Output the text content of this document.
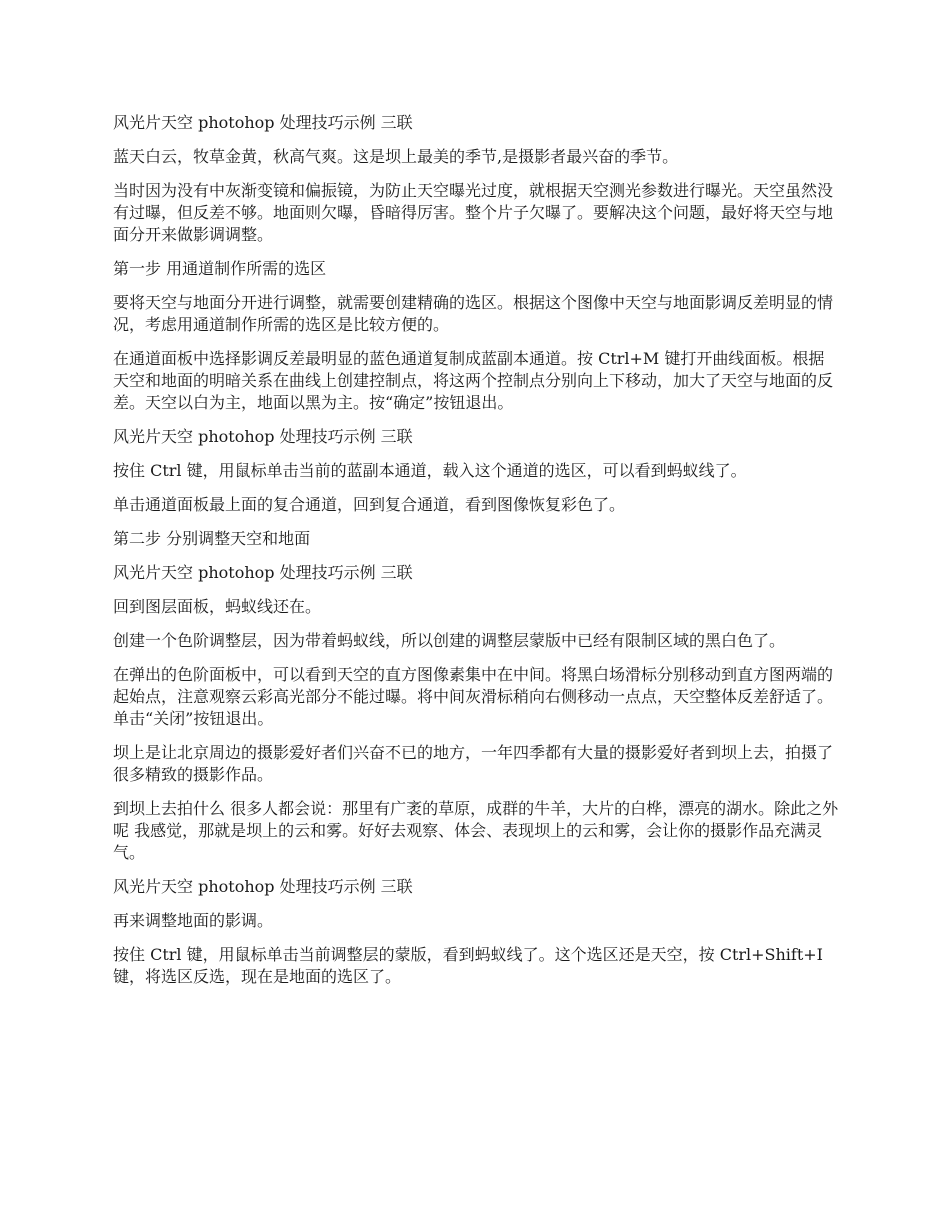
风光片天空 photohop 处理技巧示例 三联

蓝天白云，牧草金黄，秋高气爽。这是坝上最美的季节,是摄影者最兴奋的季节。

当时因为没有中灰渐变镜和偏振镜，为防止天空曝光过度，就根据天空测光参数进行曝光。天空虽然没有过曝，但反差不够。地面则欠曝，昏暗得厉害。整个片子欠曝了。要解决这个问题，最好将天空与地面分开来做影调调整。

第一步 用通道制作所需的选区

要将天空与地面分开进行调整，就需要创建精确的选区。根据这个图像中天空与地面影调反差明显的情况，考虑用通道制作所需的选区是比较方便的。

在通道面板中选择影调反差最明显的蓝色通道复制成蓝副本通道。按 Ctrl+M 键打开曲线面板。根据天空和地面的明暗关系在曲线上创建控制点，将这两个控制点分别向上下移动，加大了天空与地面的反差。天空以白为主，地面以黑为主。按“确定”按钮退出。

风光片天空 photohop 处理技巧示例 三联

按住 Ctrl 键，用鼠标单击当前的蓝副本通道，载入这个通道的选区，可以看到蚂蚁线了。

单击通道面板最上面的复合通道，回到复合通道，看到图像恢复彩色了。

第二步 分别调整天空和地面

风光片天空 photohop 处理技巧示例 三联

回到图层面板，蚂蚁线还在。

创建一个色阶调整层，因为带着蚂蚁线，所以创建的调整层蒙版中已经有限制区域的黑白色了。

在弹出的色阶面板中，可以看到天空的直方图像素集中在中间。将黑白场滑标分别移动到直方图两端的起始点，注意观察云彩高光部分不能过曝。将中间灰滑标稍向右侧移动一点点，天空整体反差舒适了。单击“关闭”按钮退出。

坝上是让北京周边的摄影爱好者们兴奋不已的地方，一年四季都有大量的摄影爱好者到坝上去，拍摄了很多精致的摄影作品。

到坝上去拍什么 很多人都会说：那里有广袤的草原，成群的牛羊，大片的白桦，漂亮的湖水。除此之外呢 我感觉，那就是坝上的云和雾。好好去观察、体会、表现坝上的云和雾，会让你的摄影作品充满灵气。

风光片天空 photohop 处理技巧示例 三联

再来调整地面的影调。

按住 Ctrl 键，用鼠标单击当前调整层的蒙版，看到蚂蚁线了。这个选区还是天空，按 Ctrl+Shift+I 键，将选区反选，现在是地面的选区了。
